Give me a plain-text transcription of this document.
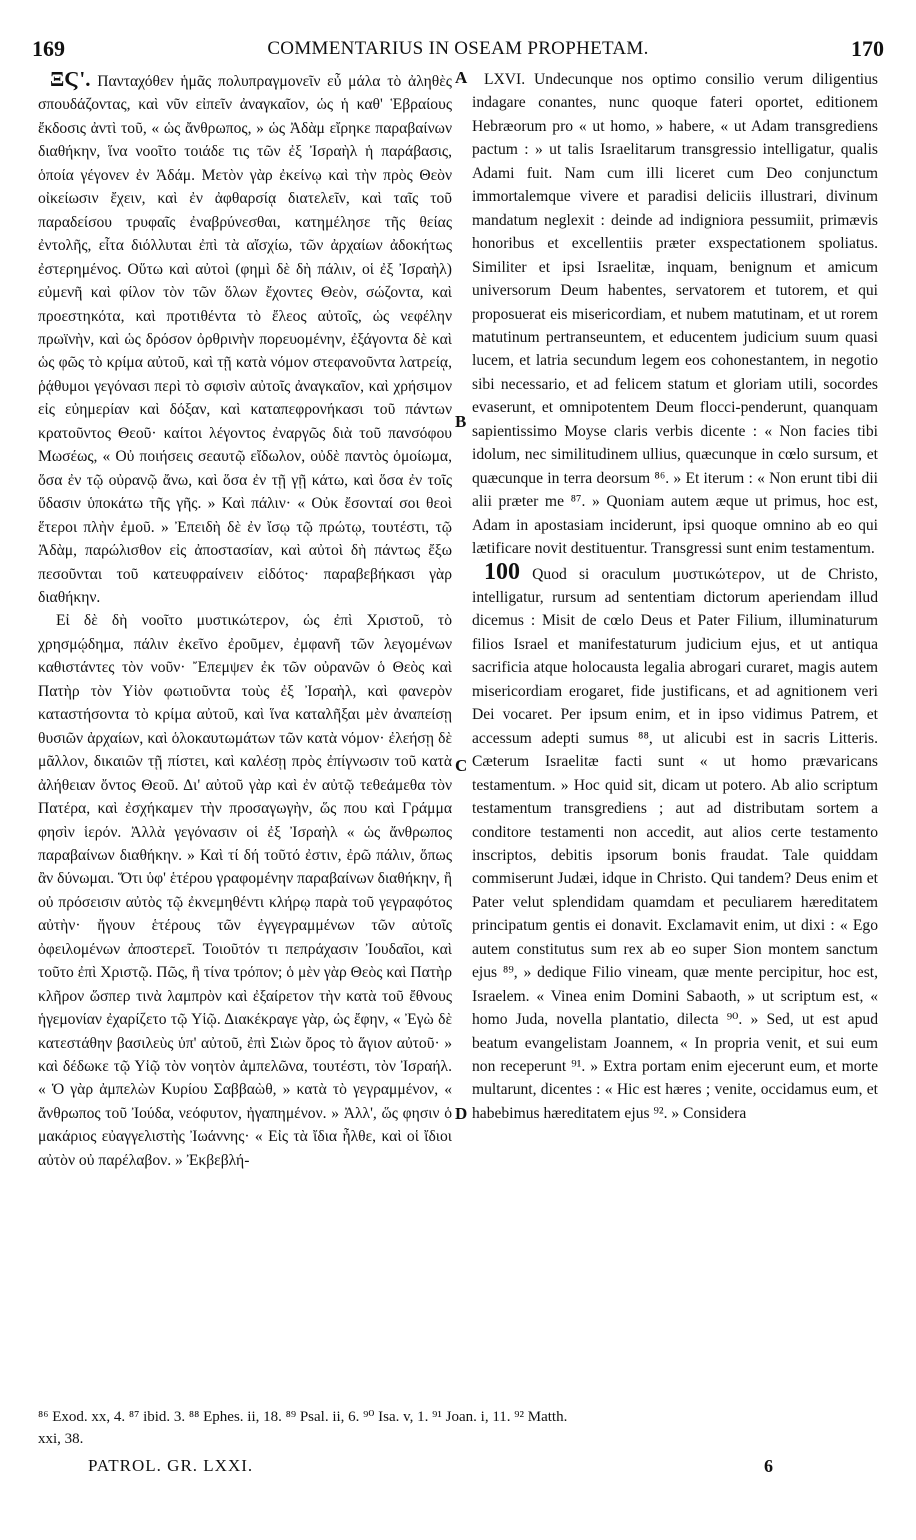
169	COMMENTARIUS IN OSEAM PROPHETAM.	170

ΞϚ'. Πανταχόθεν ἡμᾶς πολυπραγμονεῖν εὖ μάλα τὸ ἀληθὲς σπουδάζοντας, καὶ νῦν εἰπεῖν ἀναγκαῖον, ὡς ἡ καθ' Ἑβραίους ἔκδοσις ἀντὶ τοῦ, « ὡς ἄνθρωπος, » ὡς Ἀδὰμ εἴρηκε παραβαίνων διαθήκην, ἵνα νοοῖτο τοιάδε τις τῶν ἐξ Ἰσραὴλ ἡ παράβασις, ὁποία γέγονεν ἐν Ἀδάμ. Μετὸν γὰρ ἐκείνῳ καὶ τὴν πρὸς Θεὸν οἰκείωσιν ἔχειν, καὶ ἐν ἀφθαρσίᾳ διατελεῖν, καὶ ταῖς τοῦ παραδείσου τρυφαῖς ἐναβρύνεσθαι, κατημέλησε τῆς θείας ἐντολῆς, εἶτα διόλλυται ἐπὶ τὰ αἴσχίω, τῶν ἀρχαίων ἀδοκήτως ἐστερημένος. Οὕτω καὶ αὐτοὶ (φημὶ δὲ δὴ πάλιν, οἱ ἐξ Ἰσραὴλ) εὐμενῆ καὶ φίλον τὸν τῶν ὅλων ἔχοντες Θεὸν, σώζοντα, καὶ προεστηκότα, καὶ προτιθέντα τὸ ἔλεος αὐτοῖς, ὡς νεφέλην πρωϊνὴν, καὶ ὡς δρόσον ὀρθρινὴν πορευομένην, ἐξάγοντα δὲ καὶ ὡς φῶς τὸ κρίμα αὐτοῦ, καὶ τῇ κατὰ νόμον στεφανοῦντα λατρείᾳ, ῥᾴθυμοι γεγόνασι περὶ τὸ σφισὶν αὐτοῖς ἀναγκαῖον, καὶ χρήσιμον εἰς εὐημερίαν καὶ δόξαν, καὶ καταπεφρονήκασι τοῦ πάντων κρατοῦντος Θεοῦ· καίτοι λέγοντος ἐναργῶς διὰ τοῦ πανσόφου Μωσέως, « Οὐ ποιήσεις σεαυτῷ εἴδωλον, οὐδὲ παντὸς ὁμοίωμα, ὅσα ἐν τῷ οὐρανῷ ἄνω, καὶ ὅσα ἐν τῇ γῇ κάτω, καὶ ὅσα ἐν τοῖς ὕδασιν ὑποκάτω τῆς γῆς. » Καὶ πάλιν· « Οὐκ ἔσονταί σοι θεοὶ ἕτεροι πλὴν ἐμοῦ. » Ἐπειδὴ δὲ ἐν ἴσῳ τῷ πρώτῳ, τουτέστι, τῷ Ἀδὰμ, παρώλισθον εἰς ἀποστασίαν, καὶ αὐτοὶ δὴ πάντως ἔξω πεσοῦνται τοῦ κατευφραίνειν εἰδότος· παραβεβήκασι γὰρ διαθήκην.

Εἰ δὲ δὴ νοοῖτο μυστικώτερον, ὡς ἐπὶ Χριστοῦ, τὸ χρησμῴδημα, πάλιν ἐκεῖνο ἐροῦμεν, ἐμφανῆ τῶν λεγομένων καθιστάντες τὸν νοῦν· Ἔπεμψεν ἐκ τῶν οὐρανῶν ὁ Θεὸς καὶ Πατὴρ τὸν Υἱὸν φωτιοῦντα τοὺς ἐξ Ἰσραὴλ, καὶ φανερὸν καταστήσοντα τὸ κρίμα αὐτοῦ, καὶ ἵνα καταλῆξαι μὲν ἀναπείσῃ θυσιῶν ἀρχαίων, καὶ ὁλοκαυτωμάτων τῶν κατὰ νόμον· ἐλεήσῃ δὲ μᾶλλον, δικαιῶν τῇ πίστει, καὶ καλέσῃ πρὸς ἐπίγνωσιν τοῦ κατὰ ἀλήθειαν ὄντος Θεοῦ. Δι' αὐτοῦ γὰρ καὶ ἐν αὐτῷ τεθεάμεθα τὸν Πατέρα, καὶ ἐσχήκαμεν τὴν προσαγωγὴν, ὥς που καὶ Γράμμα φησὶν ἱερόν. Ἀλλὰ γεγόνασιν οἱ ἐξ Ἰσραὴλ « ὡς ἄνθρωπος παραβαίνων διαθήκην. » Καὶ τί δή τοῦτό ἐστιν, ἐρῶ πάλιν, ὅπως ἂν δύνωμαι. Ὅτι ὑφ' ἑτέρου γραφομένην παραβαίνων διαθήκην, ἢ οὐ πρόσεισιν αὐτὸς τῷ ἐκνεμηθέντι κλήρῳ παρὰ τοῦ γεγραφότος αὐτὴν· ἤγουν ἑτέρους τῶν ἐγγεγραμμένων τῶν αὐτοῖς ὀφειλομένων ἀποστερεῖ. Τοιοῦτόν τι πεπράχασιν Ἰουδαῖοι, καὶ τοῦτο ἐπὶ Χριστῷ. Πῶς, ἢ τίνα τρόπον; ὁ μὲν γὰρ Θεὸς καὶ Πατὴρ κλῆρον ὥσπερ τινὰ λαμπρὸν καὶ ἐξαίρετον τὴν κατὰ τοῦ ἔθνους ἡγεμονίαν ἐχαρίζετο τῷ Υἱῷ. Διακέκραγε γὰρ, ὡς ἔφην, « Ἐγὼ δὲ κατεστάθην βασιλεὺς ὑπ' αὐτοῦ, ἐπὶ Σιὼν ὄρος τὸ ἅγιον αὐτοῦ· » καὶ δέδωκε τῷ Υἱῷ τὸν νοητὸν ἀμπελῶνα, τουτέστι, τὸν Ἰσραήλ. « Ὁ γὰρ ἀμπελὼν Κυρίου Σαββαὼθ, » κατὰ τὸ γεγραμμένον, « ἄνθρωπος τοῦ Ἰούδα, νεόφυτον, ἠγαπημένον. » Ἀλλ', ὥς φησιν ὁ μακάριος εὐαγγελιστὴς Ἰωάννης· « Εἰς τὰ ἴδια ἦλθε, καὶ οἱ ἴδιοι αὐτὸν οὐ παρέλαβον. » Ἐκβεβλή-

A
B
C
D

LXVI. Undecunque nos optimo consilio verum diligentius indagare conantes, nunc quoque fateri oportet, editionem Hebræorum pro « ut homo, » habere, « ut Adam transgrediens pactum : » ut talis Israelitarum transgressio intelligatur, qualis Adami fuit. Nam cum illi liceret cum Deo conjunctum immortalemque vivere et paradisi deliciis illustrari, divinum mandatum neglexit : deinde ad indigniora pessumiit, primævis honoribus et excellentiis præter exspectationem spoliatus. Similiter et ipsi Israelitæ, inquam, benignum et amicum universorum Deum habentes, servatorem et tutorem, et qui proposuerat eis misericordiam, et nubem matutinam, et ut rorem matutinum pertranseuntem, et educentem judicium suum quasi lucem, et latria secundum legem eos cohonestantem, in negotio sibi necessario, et ad felicem statum et gloriam utili, socordes evaserunt, et omnipotentem Deum flocci-penderunt, quanquam sapientissimo Moyse claris verbis dicente : « Non facies tibi idolum, nec similitudinem ullius, quæcunque in cœlo sursum, et quæcunque in terra deorsum ⁸⁶. » Et iterum : « Non erunt tibi dii alii præter me ⁸⁷. » Quoniam autem æque ut primus, hoc est, Adam in apostasiam inciderunt, ipsi quoque omnino ab eo qui lætificare novit destituentur. Transgressi sunt enim testamentum.

100 Quod si oraculum μυστικώτερον, ut de Christo, intelligatur, rursum ad sententiam dictorum aperiendam illud dicemus : Misit de cœlo Deus et Pater Filium, illuminaturum filios Israel et manifestaturum judicium ejus, et ut antiqua sacrificia atque holocausta legalia abrogari curaret, magis autem misericordiam erogaret, fide justificans, et ad agnitionem veri Dei vocaret. Per ipsum enim, et in ipso vidimus Patrem, et accessum adepti sumus ⁸⁸, ut alicubi est in sacris Litteris. Cæterum Israelitæ facti sunt « ut homo prævaricans testamentum. » Hoc quid sit, dicam ut potero. Ab alio scriptum testamentum transgrediens ; aut ad distributam sortem a conditore testamenti non accedit, aut alios certe testamento inscriptos, debitis ipsorum bonis fraudat. Tale quiddam commiserunt Judæi, idque in Christo. Qui tandem? Deus enim et Pater velut splendidam quamdam et peculiarem hæreditatem principatum gentis ei donavit. Exclamavit enim, ut dixi : « Ego autem constitutus sum rex ab eo super Sion montem sanctum ejus ⁸⁹, » dedique Filio vineam, quæ mente percipitur, hoc est, Israelem. « Vinea enim Domini Sabaoth, » ut scriptum est, « homo Juda, novella plantatio, dilecta ⁹⁰. » Sed, ut est apud beatum evangelistam Joannem, « In propria venit, et sui eum non receperunt ⁹¹. » Extra portam enim ejecerunt eum, et morte multarunt, dicentes : « Hic est hæres ; venite, occidamus eum, et habebimus hæreditatem ejus ⁹². » Considera

⁸⁶ Exod. xx, 4. ⁸⁷ ibid. 3. ⁸⁸ Ephes. ii, 18. ⁸⁹ Psal. ii, 6. ⁹⁰ Isa. v, 1. ⁹¹ Joan. i, 11. ⁹² Matth.
xxi, 38.
PATROL. GR. LXXI.	6
